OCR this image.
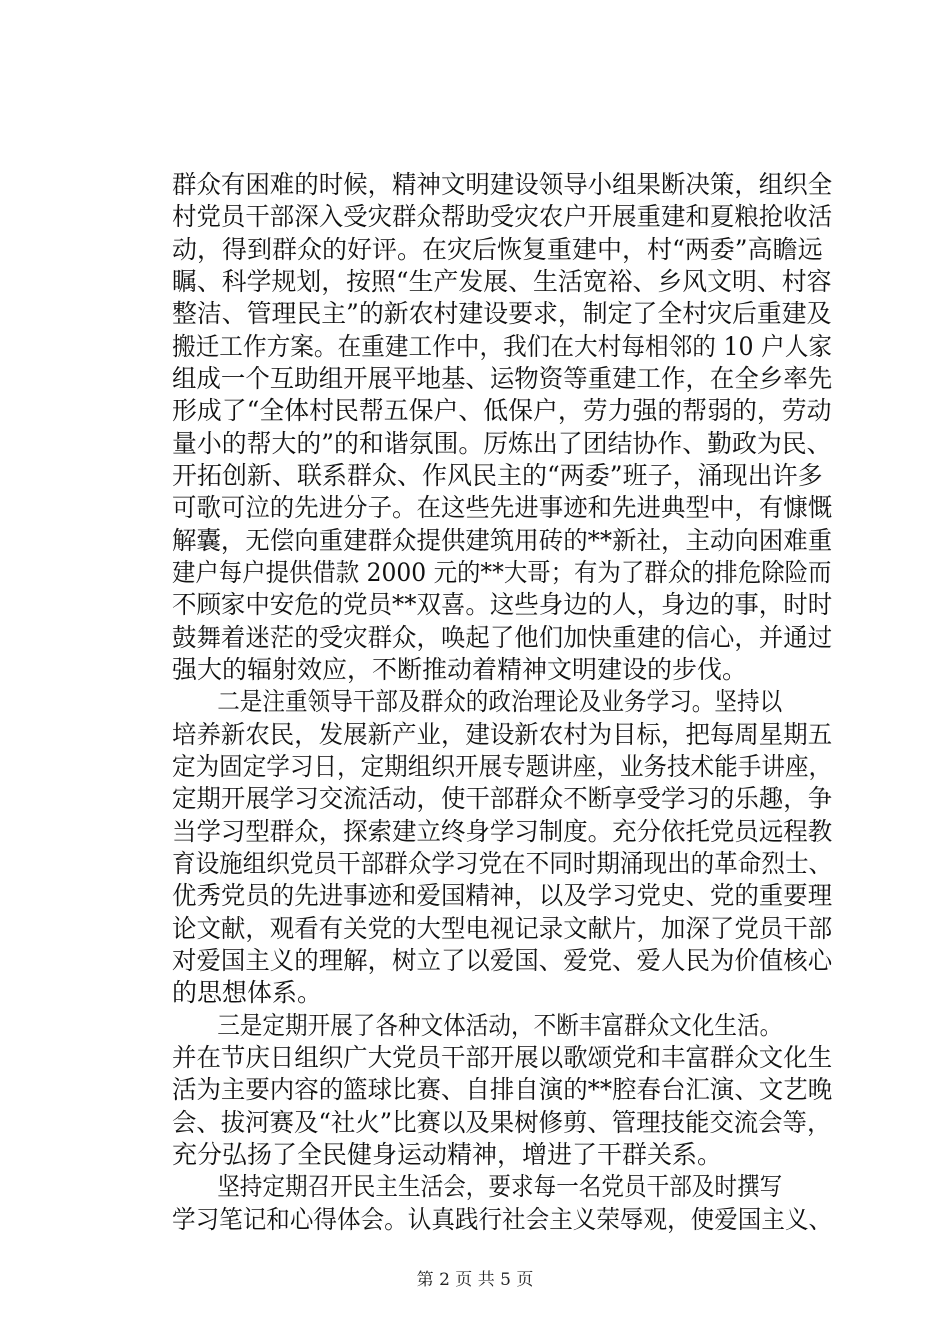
群众有困难的时候，精神文明建设领导小组果断决策，组织全
村党员干部深入受灾群众帮助受灾农户开展重建和夏粮抢收活
动，得到群众的好评。在灾后恢复重建中，村“两委”高瞻远
瞩、科学规划，按照“生产发展、生活宽裕、乡风文明、村容
整洁、管理民主”的新农村建设要求，制定了全村灾后重建及
搬迁工作方案。在重建工作中，我们在大村每相邻的 10 户人家
组成一个互助组开展平地基、运物资等重建工作，在全乡率先
形成了“全体村民帮五保户、低保户，劳力强的帮弱的，劳动
量小的帮大的”的和谐氛围。厉炼出了团结协作、勤政为民、
开拓创新、联系群众、作风民主的“两委”班子，涌现出许多
可歌可泣的先进分子。在这些先进事迹和先进典型中，有慷慨
解囊，无偿向重建群众提供建筑用砖的**新社，主动向困难重
建户每户提供借款 2000 元的**大哥；有为了群众的排危除险而
不顾家中安危的党员**双喜。这些身边的人，身边的事，时时
鼓舞着迷茫的受灾群众，唤起了他们加快重建的信心，并通过
强大的辐射效应，不断推动着精神文明建设的步伐。
二是注重领导干部及群众的政治理论及业务学习。坚持以
培养新农民，发展新产业，建设新农村为目标，把每周星期五
定为固定学习日，定期组织开展专题讲座，业务技术能手讲座，
定期开展学习交流活动，使干部群众不断享受学习的乐趣，争
当学习型群众，探索建立终身学习制度。充分依托党员远程教
育设施组织党员干部群众学习党在不同时期涌现出的革命烈士、
优秀党员的先进事迹和爱国精神，以及学习党史、党的重要理
论文献，观看有关党的大型电视记录文献片，加深了党员干部
对爱国主义的理解，树立了以爱国、爱党、爱人民为价值核心
的思想体系。
三是定期开展了各种文体活动，不断丰富群众文化生活。
并在节庆日组织广大党员干部开展以歌颂党和丰富群众文化生
活为主要内容的篮球比赛、自排自演的**腔春台汇演、文艺晚
会、拔河赛及“社火”比赛以及果树修剪、管理技能交流会等，
充分弘扬了全民健身运动精神，增进了干群关系。
坚持定期召开民主生活会，要求每一名党员干部及时撰写
学习笔记和心得体会。认真践行社会主义荣辱观，使爱国主义、
第 2 页 共 5 页
